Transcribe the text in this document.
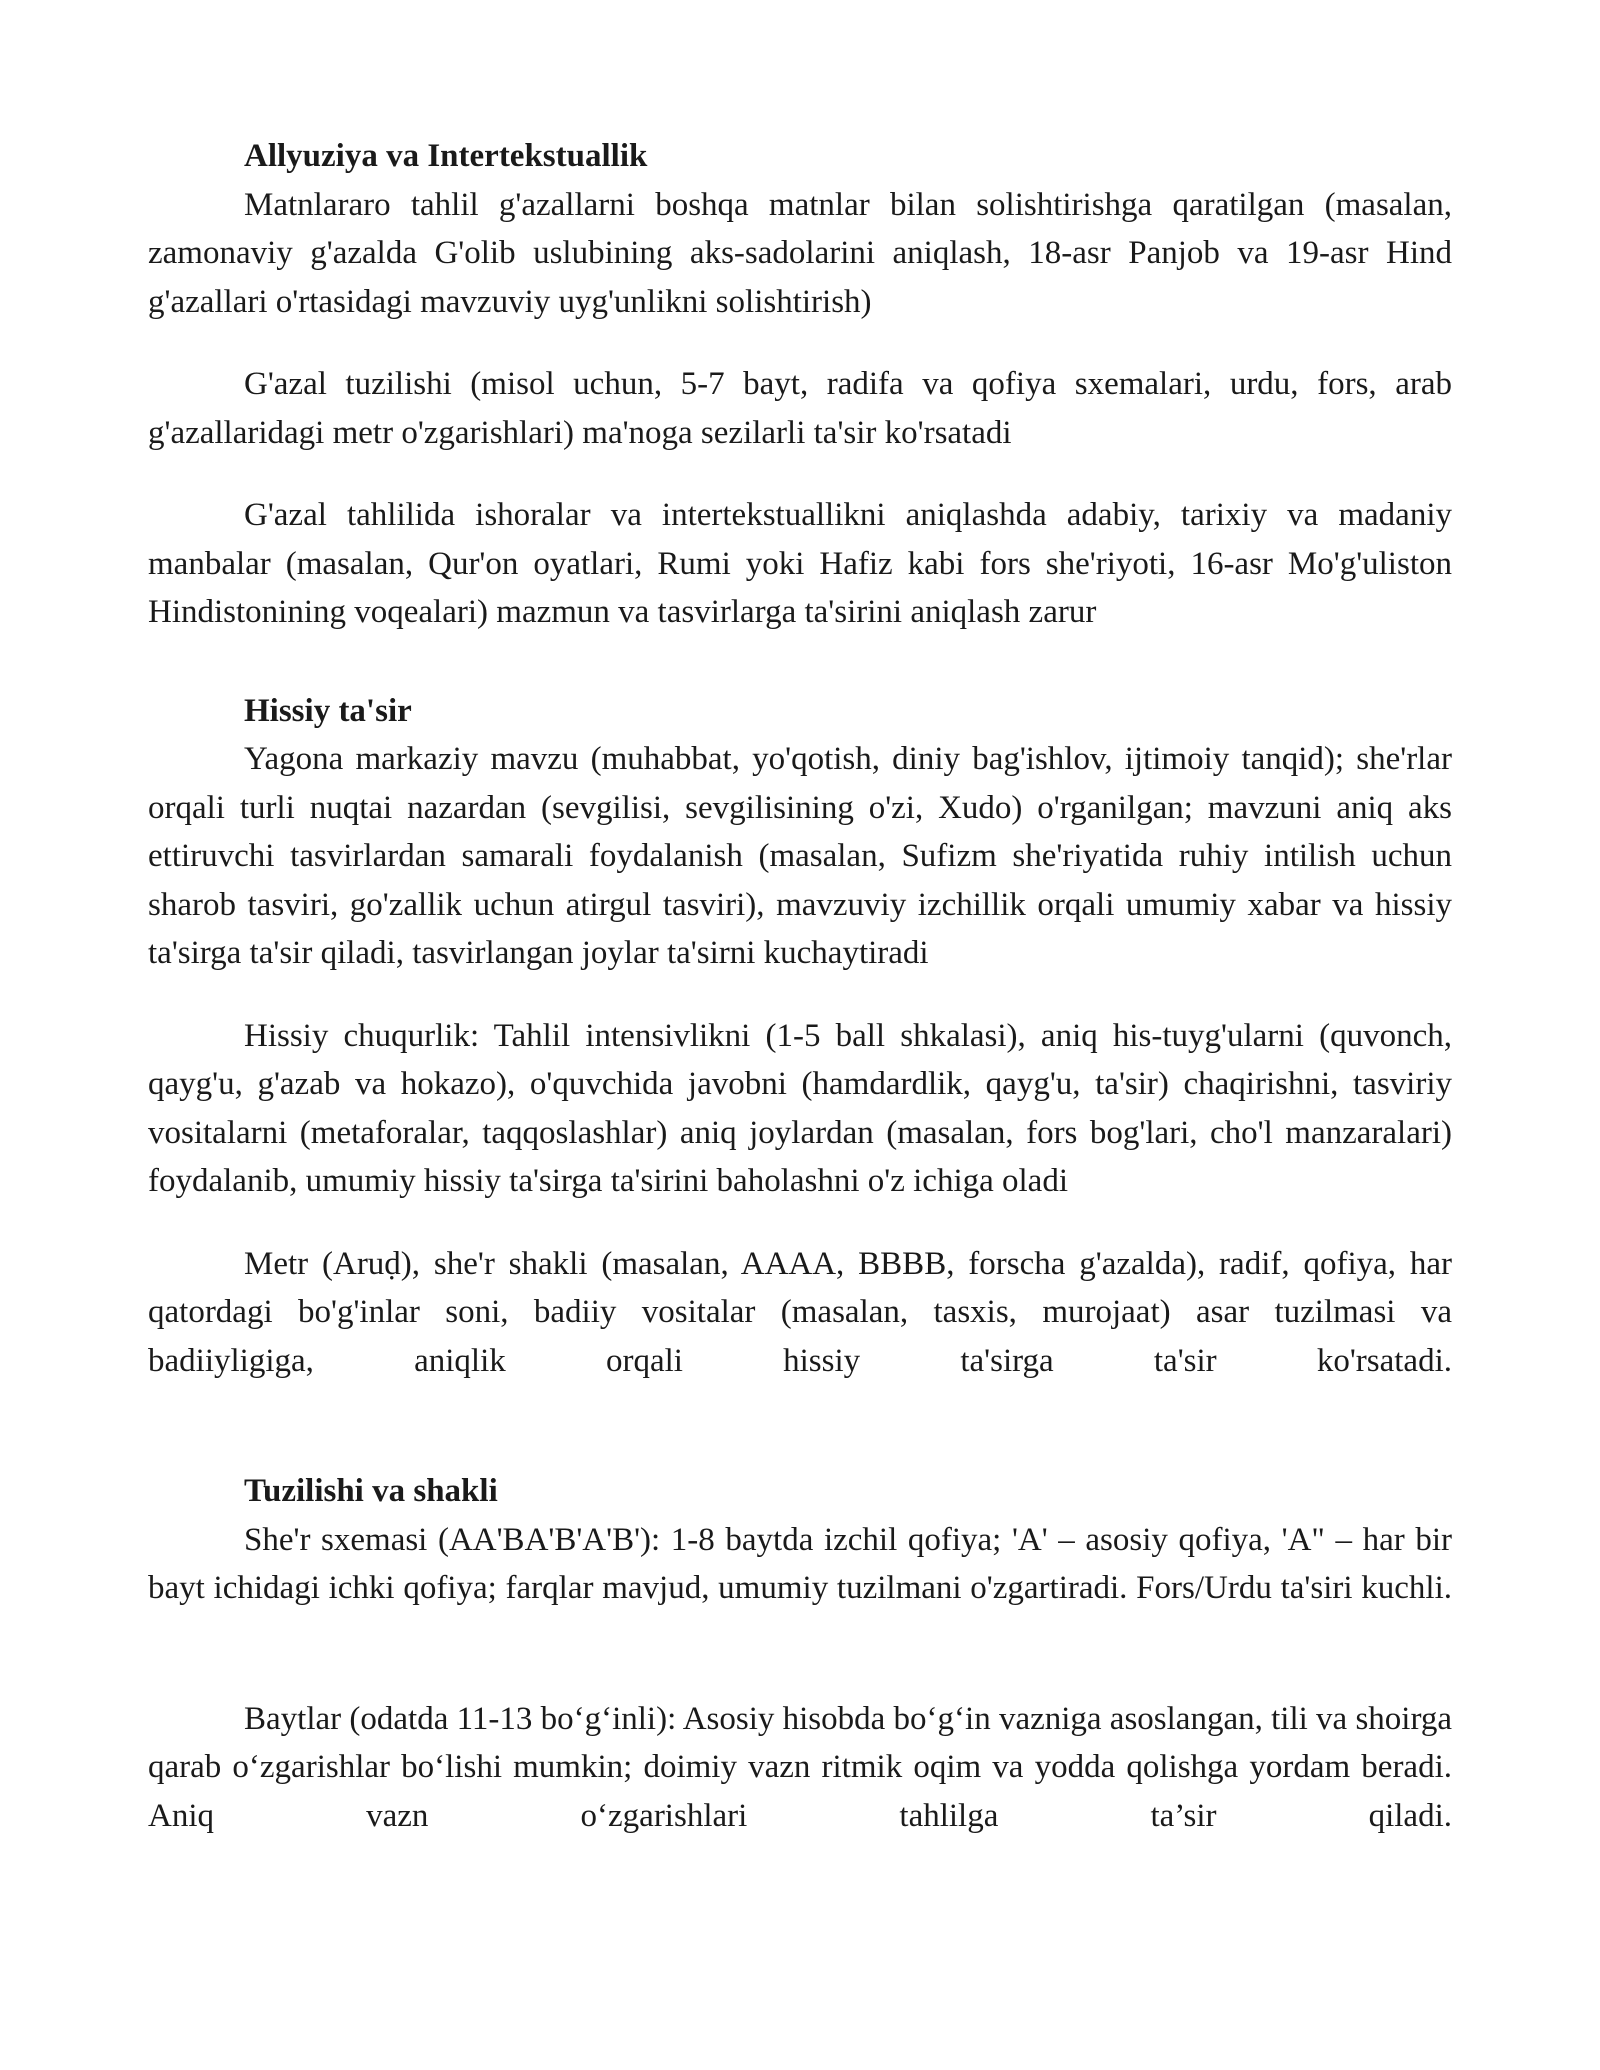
Allyuziya va Intertekstuallik

Matnlararo tahlil g'azallarni boshqa matnlar bilan solishtirishga qaratilgan (masalan, zamonaviy g'azalda G'olib uslubining aks-sadolarini aniqlash, 18-asr Panjob va 19-asr Hind g'azallari o'rtasidagi mavzuviy uyg'unlikni solishtirish)

G'azal tuzilishi (misol uchun, 5-7 bayt, radifa va qofiya sxemalari, urdu, fors, arab g'azallaridagi metr o'zgarishlari) ma'noga sezilarli ta'sir ko'rsatadi

G'azal tahlilida ishoralar va intertekstuallikni aniqlashda adabiy, tarixiy va madaniy manbalar (masalan, Qur'on oyatlari, Rumi yoki Hafiz kabi fors she'riyoti, 16-asr Mo'g'uliston Hindistonining voqealari) mazmun va tasvirlarga ta'sirini aniqlash zarur

Hissiy ta'sir

Yagona markaziy mavzu (muhabbat, yo'qotish, diniy bag'ishlov, ijtimoiy tanqid); she'rlar orqali turli nuqtai nazardan (sevgilisi, sevgilisining o'zi, Xudo) o'rganilgan; mavzuni aniq aks ettiruvchi tasvirlardan samarali foydalanish (masalan, Sufizm she'riyatida ruhiy intilish uchun sharob tasviri, go'zallik uchun atirgul tasviri), mavzuviy izchillik orqali umumiy xabar va hissiy ta'sirga ta'sir qiladi, tasvirlangan joylar ta'sirni kuchaytiradi

Hissiy chuqurlik: Tahlil intensivlikni (1-5 ball shkalasi), aniq his-tuyg'ularni (quvonch, qayg'u, g'azab va hokazo), o'quvchida javobni (hamdardlik, qayg'u, ta'sir) chaqirishni, tasviriy vositalarni (metaforalar, taqqoslashlar) aniq joylardan (masalan, fors bog'lari, cho'l manzaralari) foydalanib, umumiy hissiy ta'sirga ta'sirini baholashni o'z ichiga oladi

Metr (Aruḍ), she'r shakli (masalan, AAAA, BBBB, forscha g'azalda), radif, qofiya, har qatordagi bo'g'inlar soni, badiiy vositalar (masalan, tasxis, murojaat) asar tuzilmasi va badiiyligiga, aniqlik orqali hissiy ta'sirga ta'sir ko'rsatadi.

Tuzilishi va shakli

She'r sxemasi (AA'BA'B'A'B'): 1-8 baytda izchil qofiya; 'A' – asosiy qofiya, 'A" – har bir bayt ichidagi ichki qofiya; farqlar mavjud, umumiy tuzilmani o'zgartiradi. Fors/Urdu ta'siri kuchli.

Baytlar (odatda 11-13 bo‘g‘inli): Asosiy hisobda bo‘g‘in vazniga asoslangan, tili va shoirga qarab o‘zgarishlar bo‘lishi mumkin; doimiy vazn ritmik oqim va yodda qolishga yordam beradi. Aniq vazn o‘zgarishlari tahlilga ta’sir qiladi.
